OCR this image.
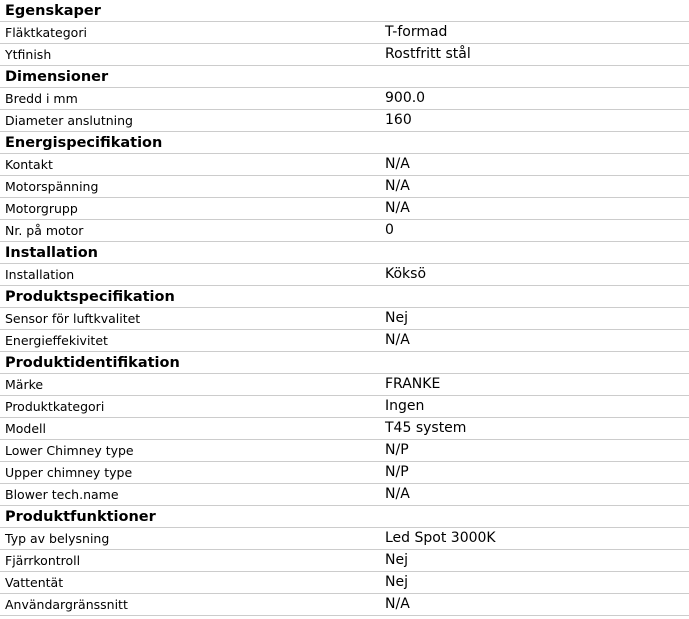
Egenskaper
Fläktkategori	T-formad
Ytfinish	Rostfritt stål
Dimensioner
Bredd i mm	900.0
Diameter anslutning	160
Energispecifikation
Kontakt	N/A
Motorspänning	N/A
Motorgrupp	N/A
Nr. på motor	0
Installation
Installation	Köksö
Produktspecifikation
Sensor för luftkvalitet	Nej
Energieffekivitet	N/A
Produktidentifikation
Märke	FRANKE
Produktkategori	Ingen
Modell	T45 system
Lower Chimney type	N/P
Upper chimney type	N/P
Blower tech.name	N/A
Produktfunktioner
Typ av belysning	Led Spot 3000K
Fjärrkontroll	Nej
Vattentät	Nej
Användargränssnitt	N/A
